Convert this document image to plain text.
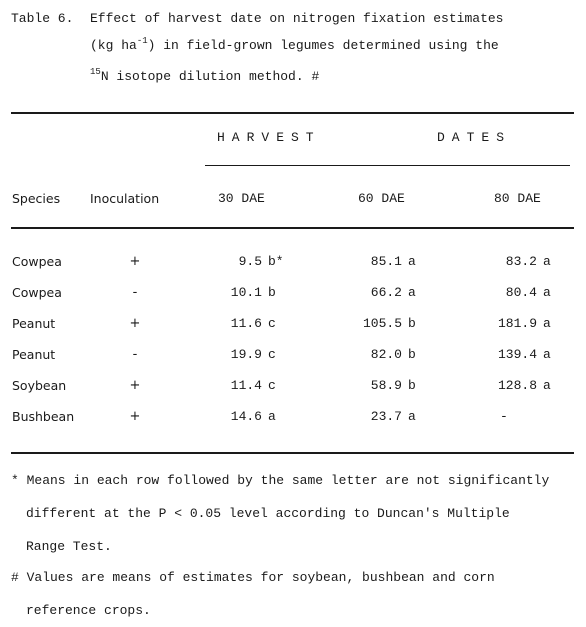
Table 6. Effect of harvest date on nitrogen fixation estimates
(kg $ha^{-1}$) in field-grown legumes determined using the
$^{15}$N isotope dilution method. #
HARVEST	DATES
Species Inoculation	30 DAE	60 DAE	80 DAE
Cowpea	+	9.5 b*	85.1 a	83.2 a
Cowpea	-	10.1 b	66.2 a	80.4 a
Peanut	+	11.6 c	105.5 b	181.9 a
Peanut	-	19.9 c	82.0 b	139.4 a
Soybean	+	11.4 c	58.9 b	128.8 a
Bushbean	+	14.6 a	23.7 a	-
* Means in each row followed by the same letter are not significantly
different at the P < 0.05 level according to Duncan's Multiple
Range Test.
# Values are means of estimates for soybean, bushbean and corn
reference crops.
